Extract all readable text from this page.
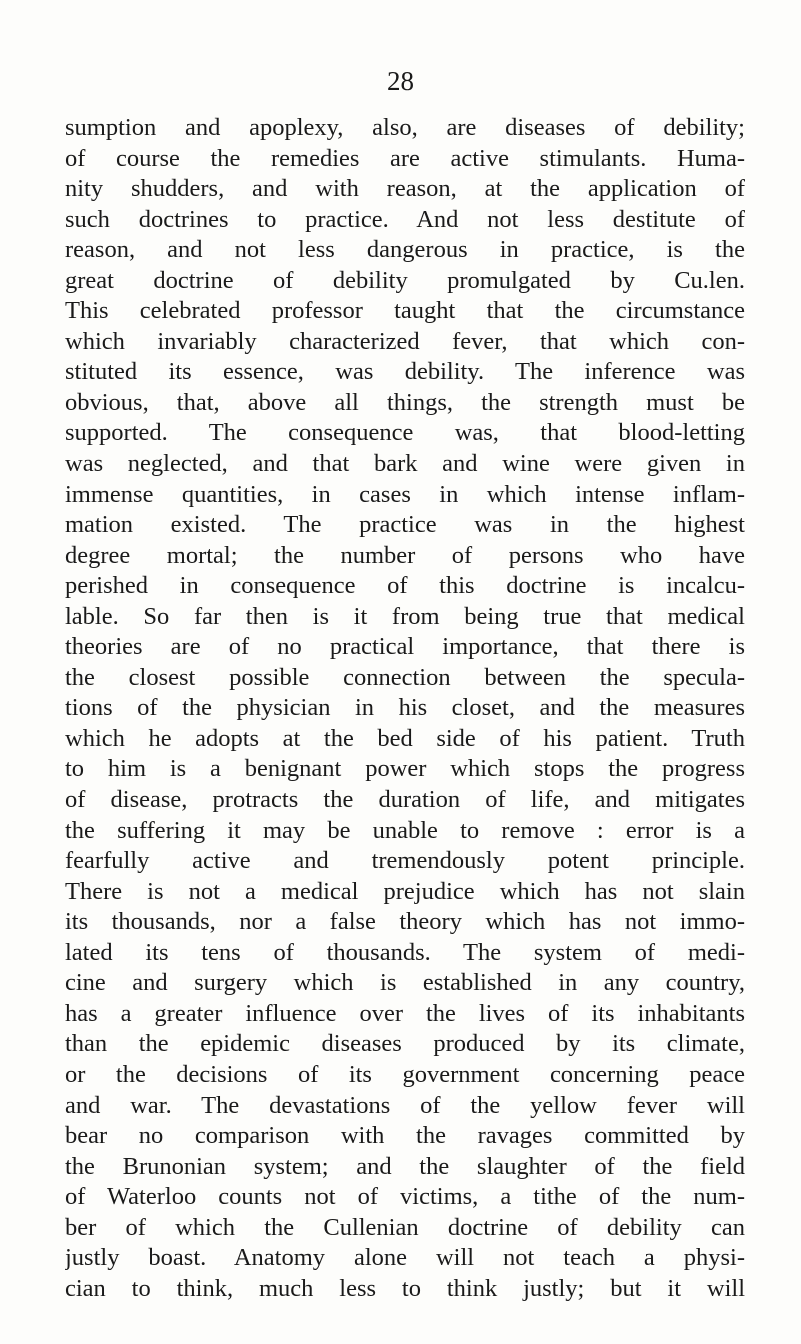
28
sumption and apoplexy, also, are diseases of debility;
of course the remedies are active stimulants. Huma-
nity shudders, and with reason, at the application of
such doctrines to practice. And not less destitute of
reason, and not less dangerous in practice, is the
great doctrine of debility promulgated by Cu.len.
This celebrated professor taught that the circumstance
which invariably characterized fever, that which con-
stituted its essence, was debility. The inference was
obvious, that, above all things, the strength must be
supported. The consequence was, that blood-letting
was neglected, and that bark and wine were given in
immense quantities, in cases in which intense inflam-
mation existed. The practice was in the highest
degree mortal; the number of persons who have
perished in consequence of this doctrine is incalcu-
lable. So far then is it from being true that medical
theories are of no practical importance, that there is
the closest possible connection between the specula-
tions of the physician in his closet, and the measures
which he adopts at the bed side of his patient. Truth
to him is a benignant power which stops the progress
of disease, protracts the duration of life, and mitigates
the suffering it may be unable to remove : error is a
fearfully active and tremendously potent principle.
There is not a medical prejudice which has not slain
its thousands, nor a false theory which has not immo-
lated its tens of thousands. The system of medi-
cine and surgery which is established in any country,
has a greater influence over the lives of its inhabitants
than the epidemic diseases produced by its climate,
or the decisions of its government concerning peace
and war. The devastations of the yellow fever will
bear no comparison with the ravages committed by
the Brunonian system; and the slaughter of the field
of Waterloo counts not of victims, a tithe of the num-
ber of which the Cullenian doctrine of debility can
justly boast. Anatomy alone will not teach a physi-
cian to think, much less to think justly; but it will
